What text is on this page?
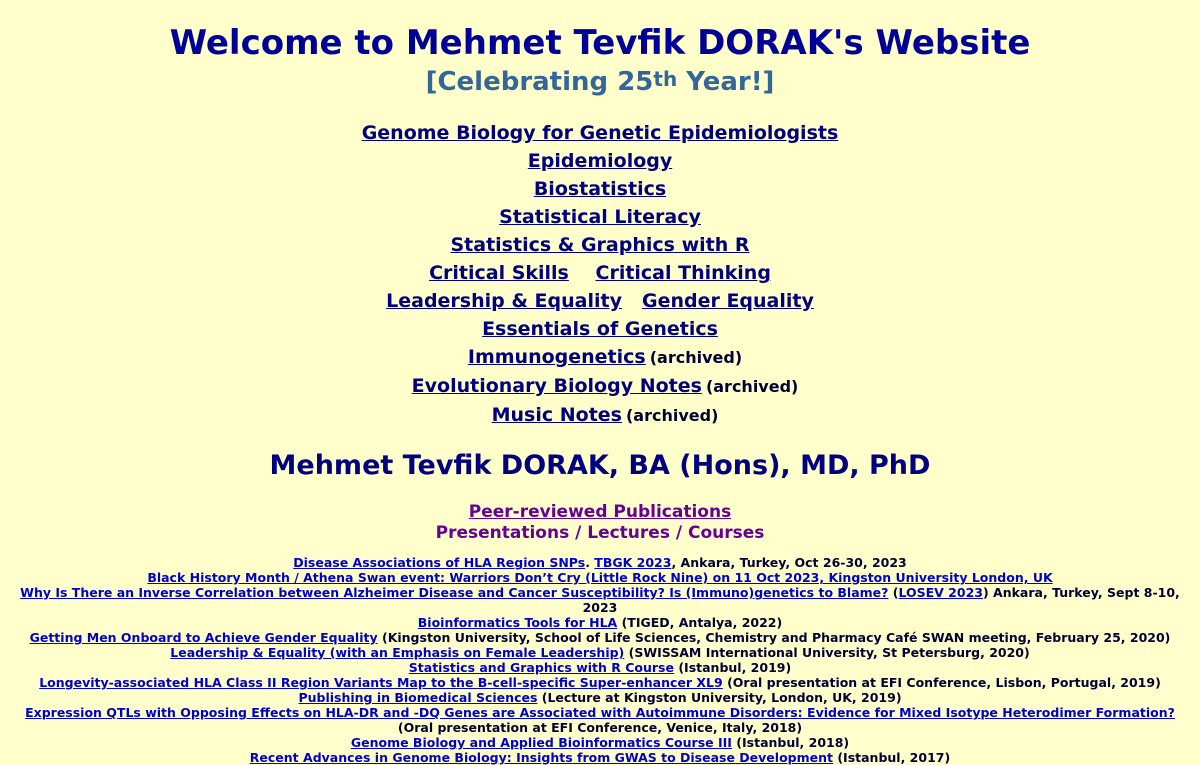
Welcome to Mehmet Tevfik DORAK's Website
[Celebrating 25th Year!]
Genome Biology for Genetic Epidemiologists
Epidemiology
Biostatistics
Statistical Literacy
Statistics & Graphics with R
Critical Skills Critical Thinking
Leadership & Equality Gender Equality
Essentials of Genetics
Immunogenetics (archived)
Evolutionary Biology Notes (archived)
Music Notes (archived)
Mehmet Tevfik DORAK, BA (Hons), MD, PhD
Peer-reviewed Publications
Presentations / Lectures / Courses
Disease Associations of HLA Region SNPs. TBGK 2023, Ankara, Turkey, Oct 26-30, 2023
Black History Month / Athena Swan event: Warriors Don’t Cry (Little Rock Nine) on 11 Oct 2023, Kingston University London, UK
Why Is There an Inverse Correlation between Alzheimer Disease and Cancer Susceptibility? Is (Immuno)genetics to Blame? (LOSEV 2023) Ankara, Turkey, Sept 8-10, 2023
Bioinformatics Tools for HLA (TIGED, Antalya, 2022)
Getting Men Onboard to Achieve Gender Equality (Kingston University, School of Life Sciences, Chemistry and Pharmacy Café SWAN meeting, February 25, 2020)
Leadership & Equality (with an Emphasis on Female Leadership) (SWISSAM International University, St Petersburg, 2020)
Statistics and Graphics with R Course (Istanbul, 2019)
Longevity-associated HLA Class II Region Variants Map to the B-cell-specific Super-enhancer XL9 (Oral presentation at EFI Conference, Lisbon, Portugal, 2019)
Publishing in Biomedical Sciences (Lecture at Kingston University, London, UK, 2019)
Expression QTLs with Opposing Effects on HLA-DR and -DQ Genes are Associated with Autoimmune Disorders: Evidence for Mixed Isotype Heterodimer Formation? (Oral presentation at EFI Conference, Venice, Italy, 2018)
Genome Biology and Applied Bioinformatics Course III (Istanbul, 2018)
Recent Advances in Genome Biology: Insights from GWAS to Disease Development (Istanbul, 2017)
